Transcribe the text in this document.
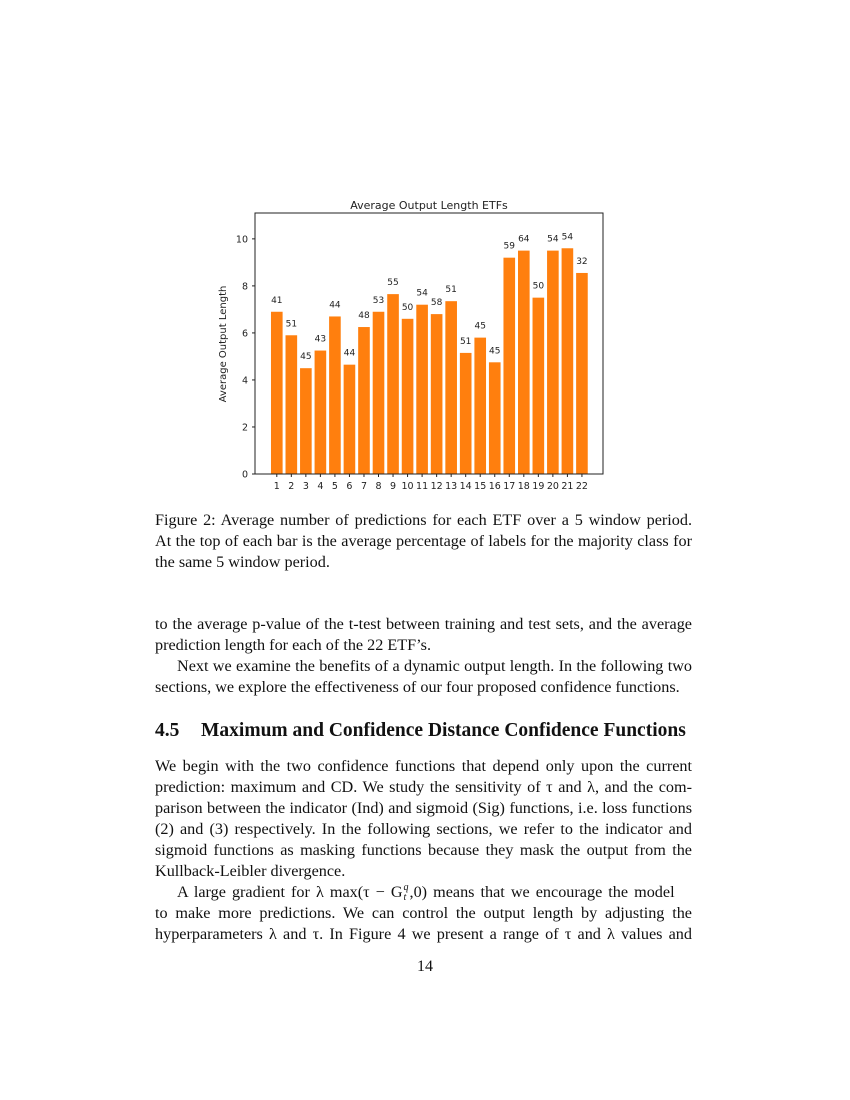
Average Output Length ETFs
Average Output Length	41
1
51
2
45
3
43
4
44
5
44
6
48
7
53
8
55
9
50
10
54
11
58
12
51
13
51
14
45
15
45
16
59
17
64
18
50
19
54
20
54
21
32
22
0
2
4
6
8
10
Figure 2: Average number of predictions for each ETF over a 5 window period.
At the top of each bar is the average percentage of labels for the majority class for
the same 5 window period.
to the average p-value of the t-test between training and test sets, and the average
prediction length for each of the 22 ETF’s.
Next we examine the benefits of a dynamic output length. In the following two
sections, we explore the effectiveness of our four proposed confidence functions.
4.5 Maximum and Confidence Distance Confidence Functions
We begin with the two confidence functions that depend only upon the current
prediction: maximum and CD. We study the sensitivity of τ and λ, and the com-
parison between the indicator (Ind) and sigmoid (Sig) functions, i.e. loss functions
(2) and (3) respectively. In the following sections, we refer to the indicator and
sigmoid functions as masking functions because they mask the output from the
Kullback-Leibler divergence.
A large gradient for λ max(τ − G q
t ,0) means that we encourage the model
to make more predictions. We can control the output length by adjusting the
hyperparameters λ and τ. In Figure 4 we present a range of τ and λ values and
14
